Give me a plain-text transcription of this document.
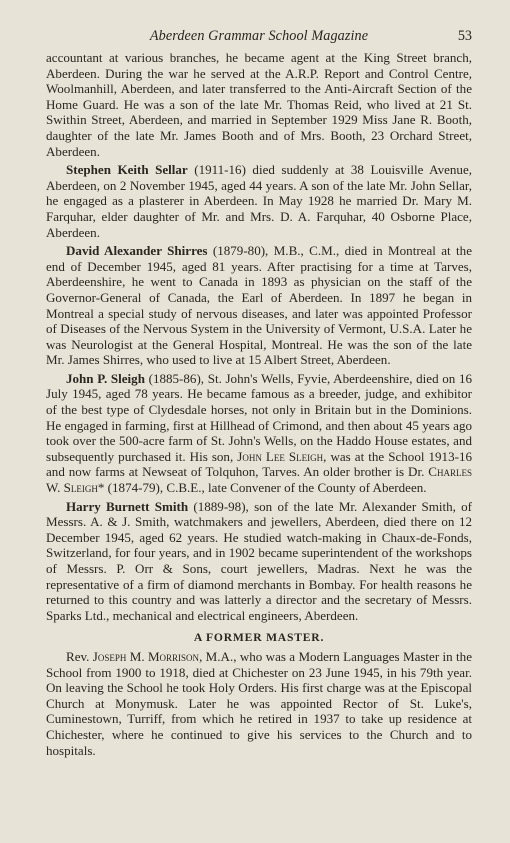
Aberdeen Grammar School Magazine	53

accountant at various branches, he became agent at the King Street branch, Aberdeen. During the war he served at the A.R.P. Report and Control Centre, Woolmanhill, Aberdeen, and later transferred to the Anti-Aircraft Section of the Home Guard. He was a son of the late Mr. Thomas Reid, who lived at 21 St. Swithin Street, Aberdeen, and married in September 1929 Miss Jane R. Booth, daughter of the late Mr. James Booth and of Mrs. Booth, 23 Orchard Street, Aberdeen.

Stephen Keith Sellar (1911-16) died suddenly at 38 Louisville Avenue, Aberdeen, on 2 November 1945, aged 44 years. A son of the late Mr. John Sellar, he engaged as a plasterer in Aberdeen. In May 1928 he married Dr. Mary M. Farquhar, elder daughter of Mr. and Mrs. D. A. Farquhar, 40 Osborne Place, Aberdeen.

David Alexander Shirres (1879-80), M.B., C.M., died in Montreal at the end of December 1945, aged 81 years. After practising for a time at Tarves, Aberdeenshire, he went to Canada in 1893 as physician on the staff of the Governor-General of Canada, the Earl of Aberdeen. In 1897 he began in Montreal a special study of nervous diseases, and later was appointed Professor of Diseases of the Nervous System in the University of Vermont, U.S.A. Later he was Neurologist at the General Hospital, Montreal. He was the son of the late Mr. James Shirres, who used to live at 15 Albert Street, Aberdeen.

John P. Sleigh (1885-86), St. John's Wells, Fyvie, Aberdeenshire, died on 16 July 1945, aged 78 years. He became famous as a breeder, judge, and exhibitor of the best type of Clydesdale horses, not only in Britain but in the Dominions. He engaged in farming, first at Hillhead of Crimond, and then about 45 years ago took over the 500-acre farm of St. John's Wells, on the Haddo House estates, and subsequently purchased it. His son, John Lee Sleigh, was at the School 1913-16 and now farms at Newseat of Tolquhon, Tarves. An older brother is Dr. Charles W. Sleigh* (1874-79), C.B.E., late Convener of the County of Aberdeen.

Harry Burnett Smith (1889-98), son of the late Mr. Alexander Smith, of Messrs. A. & J. Smith, watchmakers and jewellers, Aberdeen, died there on 12 December 1945, aged 62 years. He studied watch-making in Chaux-de-Fonds, Switzerland, for four years, and in 1902 became superintendent of the workshops of Messrs. P. Orr & Sons, court jewellers, Madras. Next he was the representative of a firm of diamond merchants in Bombay. For health reasons he returned to this country and was latterly a director and the secretary of Messrs. Sparks Ltd., mechanical and electrical engineers, Aberdeen.

A FORMER MASTER.

Rev. Joseph M. Morrison, M.A., who was a Modern Languages Master in the School from 1900 to 1918, died at Chichester on 23 June 1945, in his 79th year. On leaving the School he took Holy Orders. His first charge was at the Episcopal Church at Monymusk. Later he was appointed Rector of St. Luke's, Cuminestown, Turriff, from which he retired in 1937 to take up residence at Chichester, where he continued to give his services to the Church and to hospitals.
